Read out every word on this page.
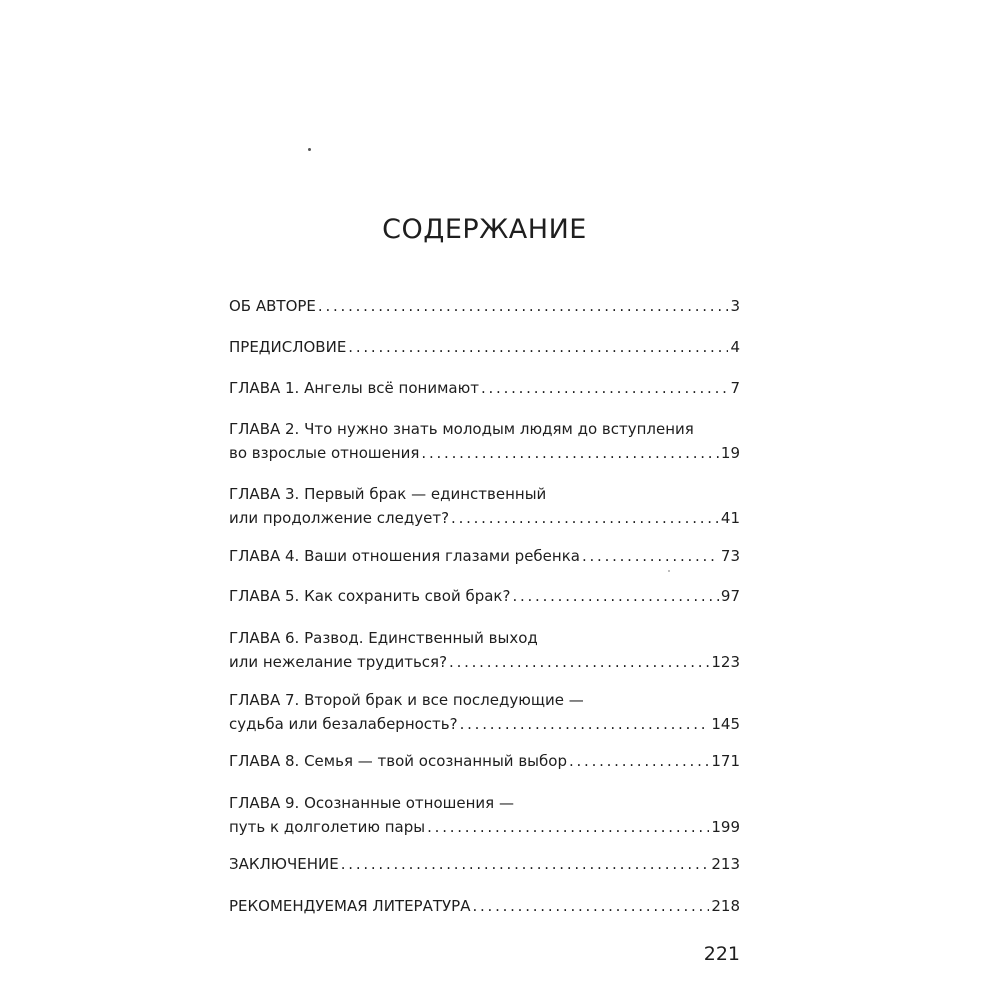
СОДЕРЖАНИЕ
ОБ АВТОРЕ . . .	3
ПРЕДИСЛОВИЕ . . .	4
ГЛАВА 1. Ангелы всё понимают . . .	7
ГЛАВА 2. Что нужно знать молодым людям до вступления
во взрослые отношения . . .	19
ГЛАВА 3. Первый брак — единственный
или продолжение следует? . . .	41
ГЛАВА 4. Ваши отношения глазами ребенка . . .	73
ГЛАВА 5. Как сохранить свой брак? . . .	97
ГЛАВА 6. Развод. Единственный выход
или нежелание трудиться? . . .	123
ГЛАВА 7. Второй брак и все последующие —
судьба или безалаберность? . . .	145
ГЛАВА 8. Семья — твой осознанный выбор . . .	171
ГЛАВА 9. Осознанные отношения —
путь к долголетию пары . . .	199
ЗАКЛЮЧЕНИЕ . . .	213
РЕКОМЕНДУЕМАЯ ЛИТЕРАТУРА . . .	218
221
